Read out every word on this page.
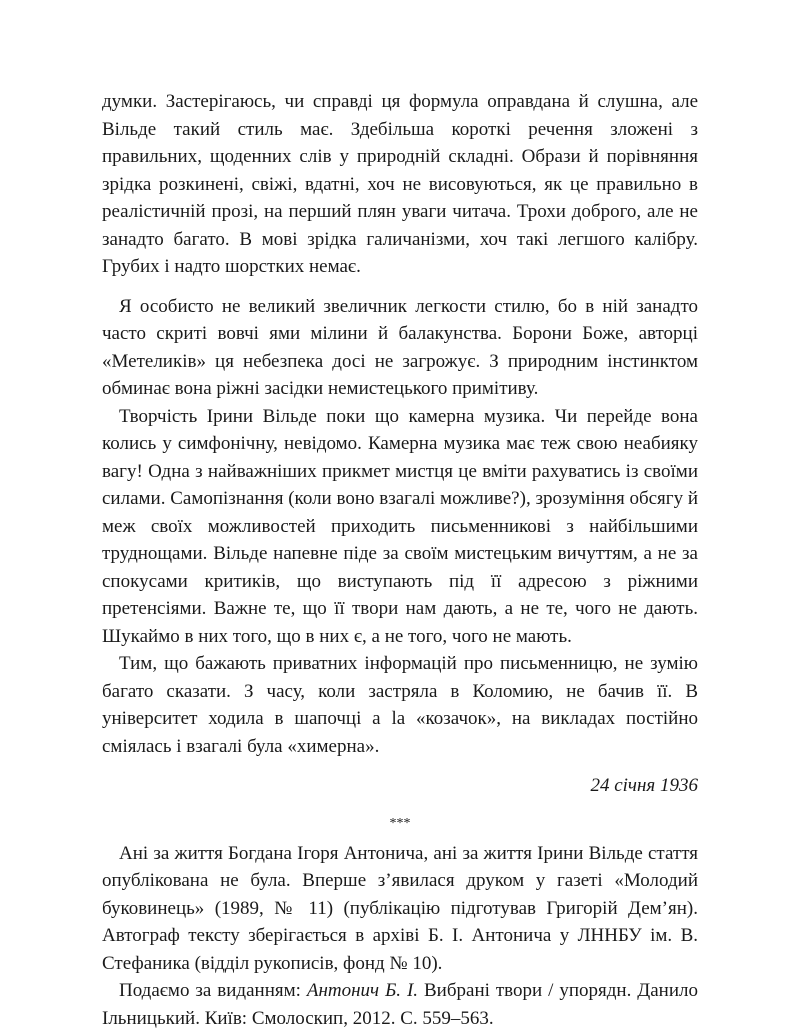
думки. Застерігаюсь, чи справді ця формула оправдана й слушна, але Вільде такий стиль має. Здебільша короткі речення зложені з правильних, щоденних слів у природній складні. Образи й порівняння зрідка розкинені, свіжі, вдатні, хоч не висовуються, як це правильно в реалістичній прозі, на перший плян уваги читача. Трохи доброго, але не занадто багато. В мові зрідка галичанізми, хоч такі легшого калібру. Грубих і надто шорстких немає.

Я особисто не великий звеличник легкости стилю, бо в ній занадто часто скриті вовчі ями мілини й балакунства. Борони Боже, авторці «Метеликів» ця небезпека досі не загрожує. З природним інстинктом обминає вона ріжні засідки немистецького примітиву.

Творчість Ірини Вільде поки що камерна музика. Чи перейде вона колись у симфонічну, невідомо. Камерна музика має теж свою неабияку вагу! Одна з найважніших прикмет мистця це вміти рахуватись із своїми силами. Самопізнання (коли воно взагалі можливе?), зрозуміння обсягу й меж своїх можливостей приходить письменникові з найбільшими труднощами. Вільде напевне піде за своїм мистецьким вичуттям, а не за спокусами критиків, що виступають під її адресою з ріжними претенсіями. Важне те, що її твори нам дають, а не те, чого не дають. Шукаймо в них того, що в них є, а не того, чого не мають.

Тим, що бажають приватних інформацій про письменницю, не зумію багато сказати. З часу, коли застряла в Коломию, не бачив її. В університет ходила в шапочці a la «козачок», на викладах постійно сміялась і взагалі була «химерна».

24 січня 1936
***

Ані за життя Богдана Ігоря Антонича, ані за життя Ірини Вільде стаття опублікована не була. Вперше з’явилася друком у газеті «Молодий буковинець» (1989, № 11) (публікацію підготував Григорій Дем’ян). Автограф тексту зберігається в архіві Б. І. Антонича у ЛННБУ ім. В. Стефаника (відділ рукописів, фонд № 10).

Подаємо за виданням: Антонич Б. І. Вибрані твори / упорядн. Данило Ільницький. Київ: Смолоскип, 2012. С. 559–563.
